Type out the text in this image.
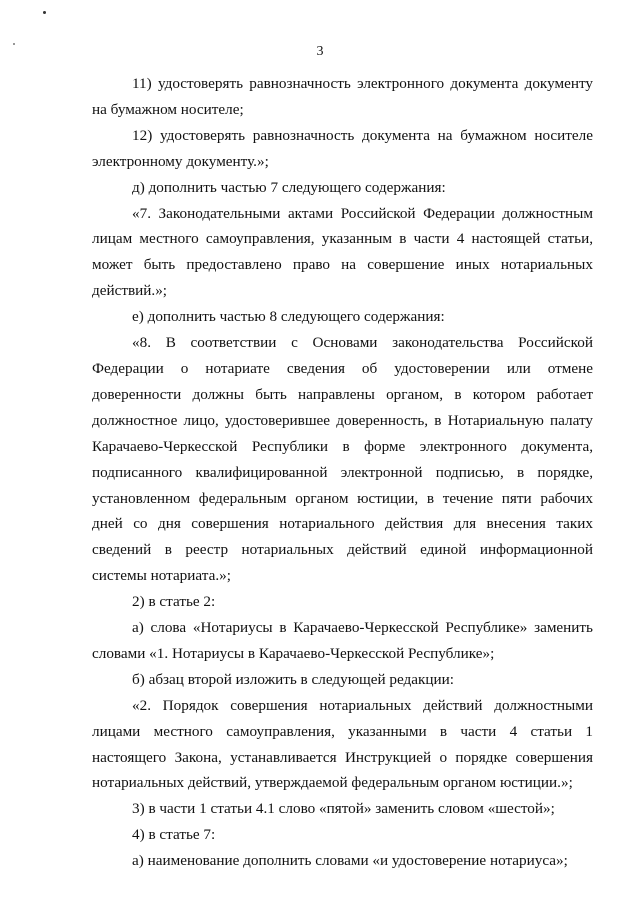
3

11) удостоверять равнозначность электронного документа документу на бумажном носителе;

12) удостоверять равнозначность документа на бумажном носителе электронному документу.»;

д) дополнить частью 7 следующего содержания:

«7. Законодательными актами Российской Федерации должностным лицам местного самоуправления, указанным в части 4 настоящей статьи, может быть предоставлено право на совершение иных нотариальных действий.»;

е) дополнить частью 8 следующего содержания:

«8. В соответствии с Основами законодательства Российской Федерации о нотариате сведения об удостоверении или отмене доверенности должны быть направлены органом, в котором работает должностное лицо, удостоверившее доверенность, в Нотариальную палату Карачаево-Черкесской Республики в форме электронного документа, подписанного квалифицированной электронной подписью, в порядке, установленном федеральным органом юстиции, в течение пяти рабочих дней со дня совершения нотариального действия для внесения таких сведений в реестр нотариальных действий единой информационной системы нотариата.»;

2) в статье 2:

а) слова «Нотариусы в Карачаево-Черкесской Республике» заменить словами «1. Нотариусы в Карачаево-Черкесской Республике»;

б) абзац второй изложить в следующей редакции:

«2. Порядок совершения нотариальных действий должностными лицами местного самоуправления, указанными в части 4 статьи 1 настоящего Закона, устанавливается Инструкцией о порядке совершения нотариальных действий, утверждаемой федеральным органом юстиции.»;

3) в части 1 статьи 4.1 слово «пятой» заменить словом «шестой»;

4) в статье 7:

а) наименование дополнить словами «и удостоверение нотариуса»;
